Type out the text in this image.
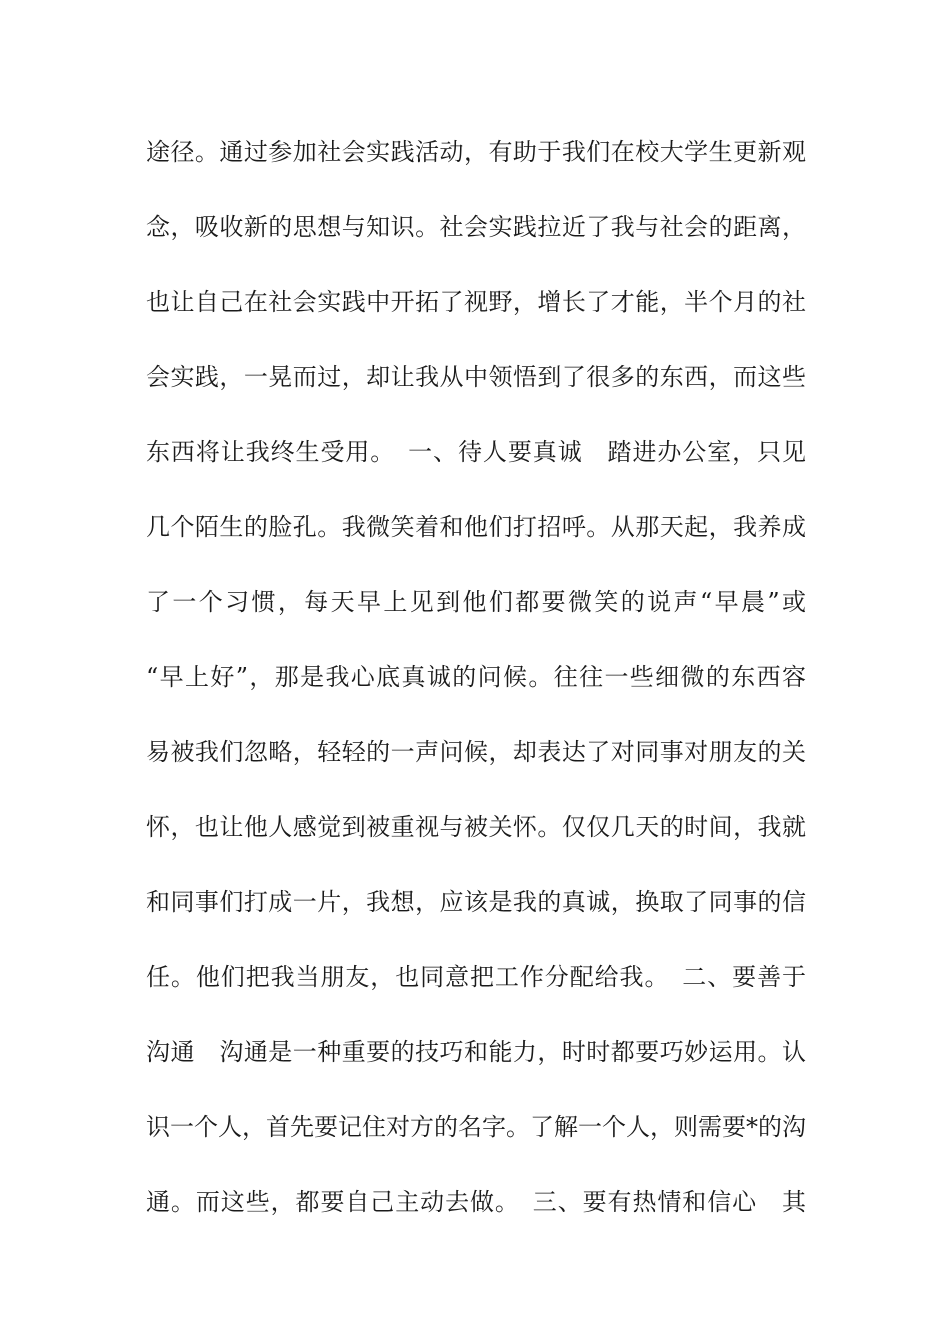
途径。通过参加社会实践活动，有助于我们在校大学生更新观
念，吸收新的思想与知识。社会实践拉近了我与社会的距离，
也让自己在社会实践中开拓了视野，增长了才能，半个月的社
会实践，一晃而过，却让我从中领悟到了很多的东西，而这些
东西将让我终生受用。　一、待人要真诚　踏进办公室，只见
几个陌生的脸孔。我微笑着和他们打招呼。从那天起，我养成
了一个习惯，每天早上见到他们都要微笑的说声“早晨”或
“早上好”，那是我心底真诚的问候。往往一些细微的东西容
易被我们忽略，轻轻的一声问候，却表达了对同事对朋友的关
怀，也让他人感觉到被重视与被关怀。仅仅几天的时间，我就
和同事们打成一片，我想，应该是我的真诚，换取了同事的信
任。他们把我当朋友，也同意把工作分配给我。　二、要善于
沟通　沟通是一种重要的技巧和能力，时时都要巧妙运用。认
识一个人，首先要记住对方的名字。了解一个人，则需要*的沟
通。而这些，都要自己主动去做。　三、要有热情和信心　其
